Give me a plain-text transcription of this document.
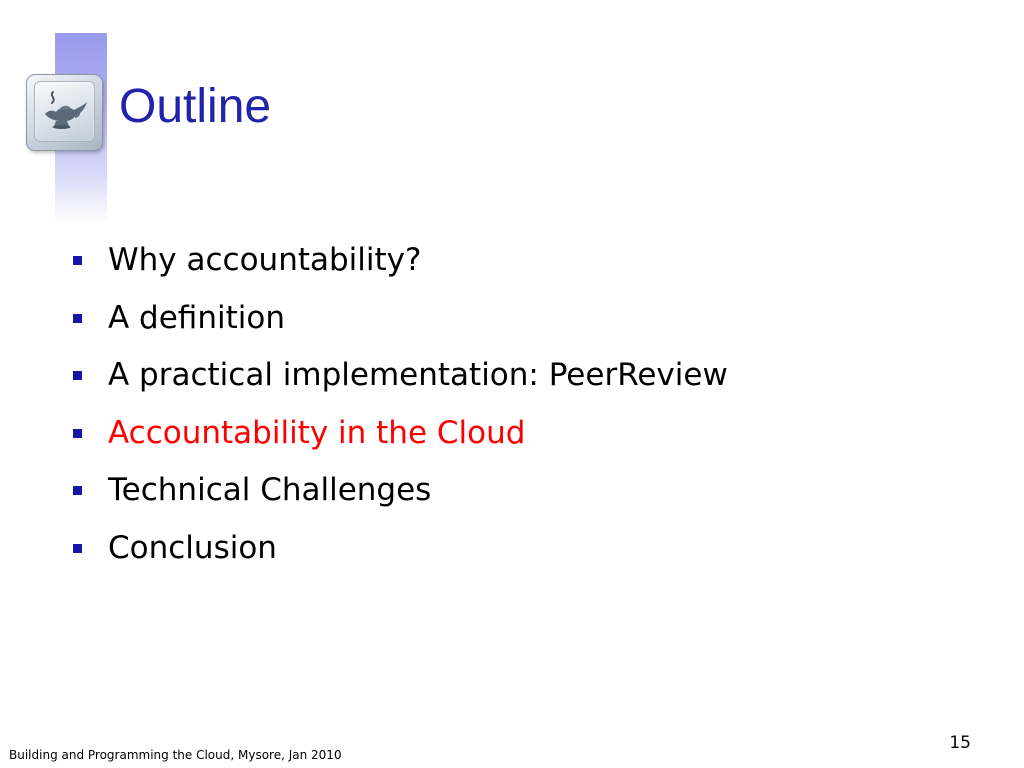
Outline
Why accountability?
A definition
A practical implementation: PeerReview
Accountability in the Cloud
Technical Challenges
Conclusion
Building and Programming the Cloud, Mysore, Jan 2010
15
